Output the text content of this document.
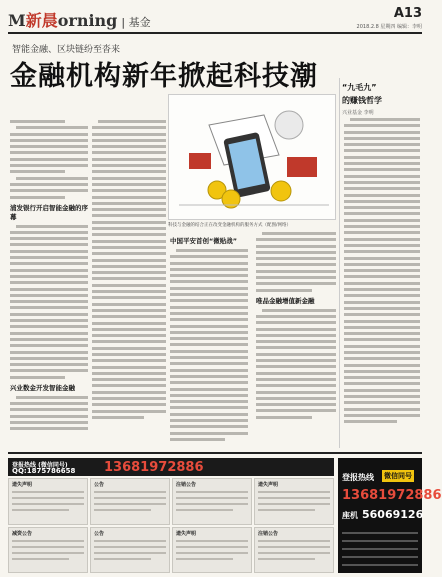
M新晨orning | 基金
A13
2018.2.8 星期四 编辑：李明
智能金融、区块链纷至沓来
金融机构新年掀起科技潮
科技与金融的结合正在改变金融机构的服务方式（配图/网络）
浦发银行开启智能金融的序幕
兴业数金开发智能金融
中国平安首创“微贴战”
唯品金融增值新金融
“九毛九”
的赚钱哲学
兴业基金 李明
登报热线 (微信同号)
QQ:1875786658 13681972886
遗失声明	公告	注销公告	遗失声明
减资公告	公告	遗失声明	注销公告
登报热线 微信同号
13681972886
座机 56069126
